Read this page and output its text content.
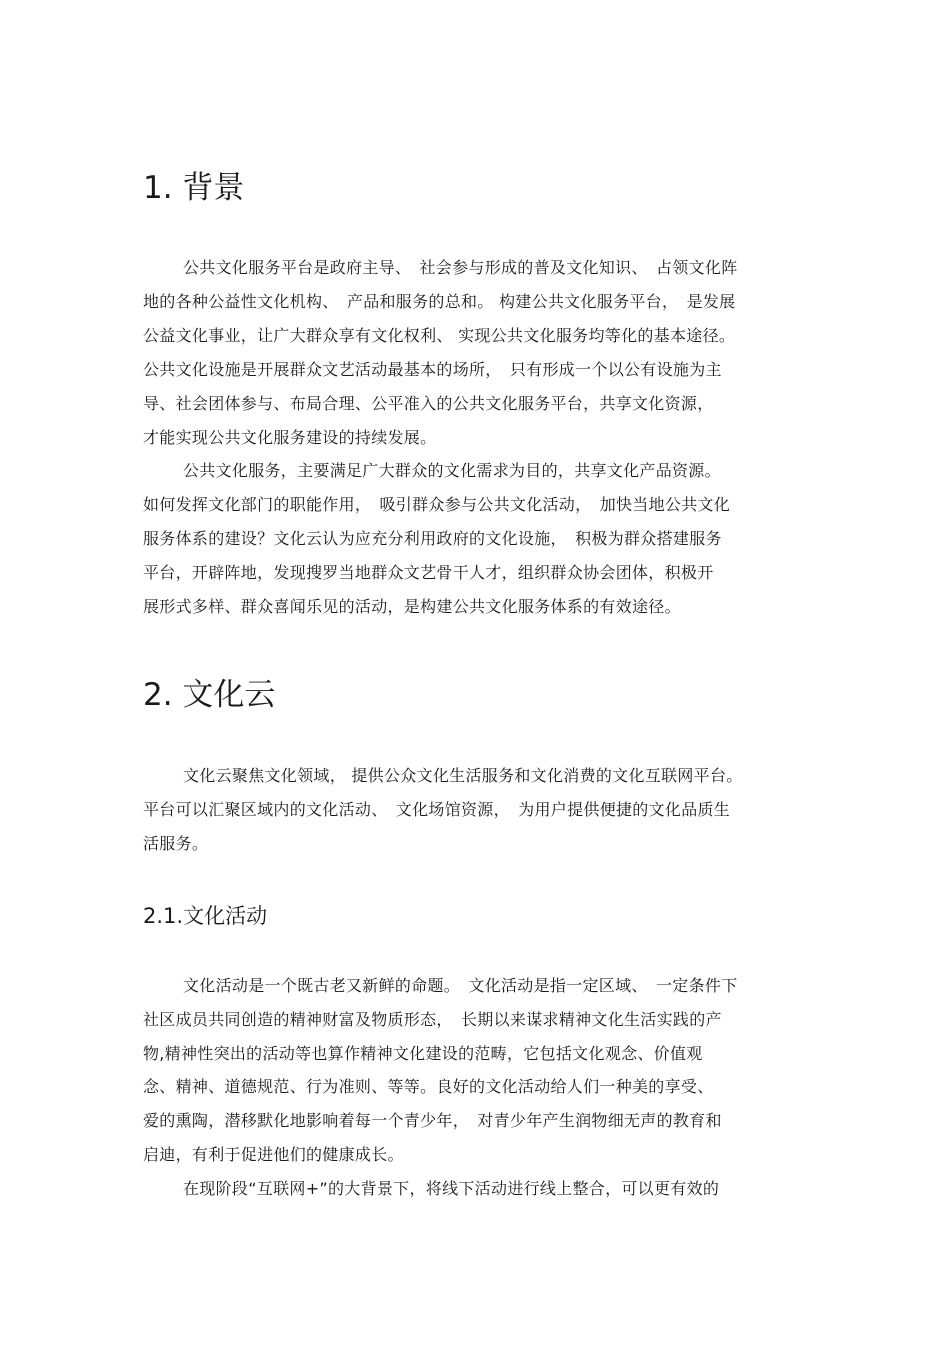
1. 背景
公共文化服务平台是政府主导、　社会参与形成的普及文化知识、　占领文化阵
地的各种公益性文化机构、　产品和服务的总和。 构建公共文化服务平台，　是发展
公益文化事业，让广大群众享有文化权利、 实现公共文化服务均等化的基本途径。
公共文化设施是开展群众文艺活动最基本的场所，　只有形成一个以公有设施为主
导、社会团体参与、布局合理、公平准入的公共文化服务平台，共享文化资源，
才能实现公共文化服务建设的持续发展。
公共文化服务，主要满足广大群众的文化需求为目的，共享文化产品资源。
如何发挥文化部门的职能作用，　吸引群众参与公共文化活动，　加快当地公共文化
服务体系的建设？文化云认为应充分利用政府的文化设施，　积极为群众搭建服务
平台，开辟阵地，发现搜罗当地群众文艺骨干人才，组织群众协会团体，积极开
展形式多样、群众喜闻乐见的活动，是构建公共文化服务体系的有效途径。
2. 文化云
文化云聚焦文化领域， 提供公众文化生活服务和文化消费的文化互联网平台。
平台可以汇聚区域内的文化活动、　文化场馆资源，　为用户提供便捷的文化品质生
活服务。
2.1.文化活动
文化活动是一个既古老又新鲜的命题。　文化活动是指一定区域、　一定条件下
社区成员共同创造的精神财富及物质形态，　长期以来谋求精神文化生活实践的产
物,精神性突出的活动等也算作精神文化建设的范畴，它包括文化观念、价值观
念、精神、道德规范、行为准则、等等。良好的文化活动给人们一种美的享受、
爱的熏陶，潜移默化地影响着每一个青少年，　对青少年产生润物细无声的教育和
启迪，有利于促进他们的健康成长。
在现阶段“互联网+”的大背景下，将线下活动进行线上整合，可以更有效的
